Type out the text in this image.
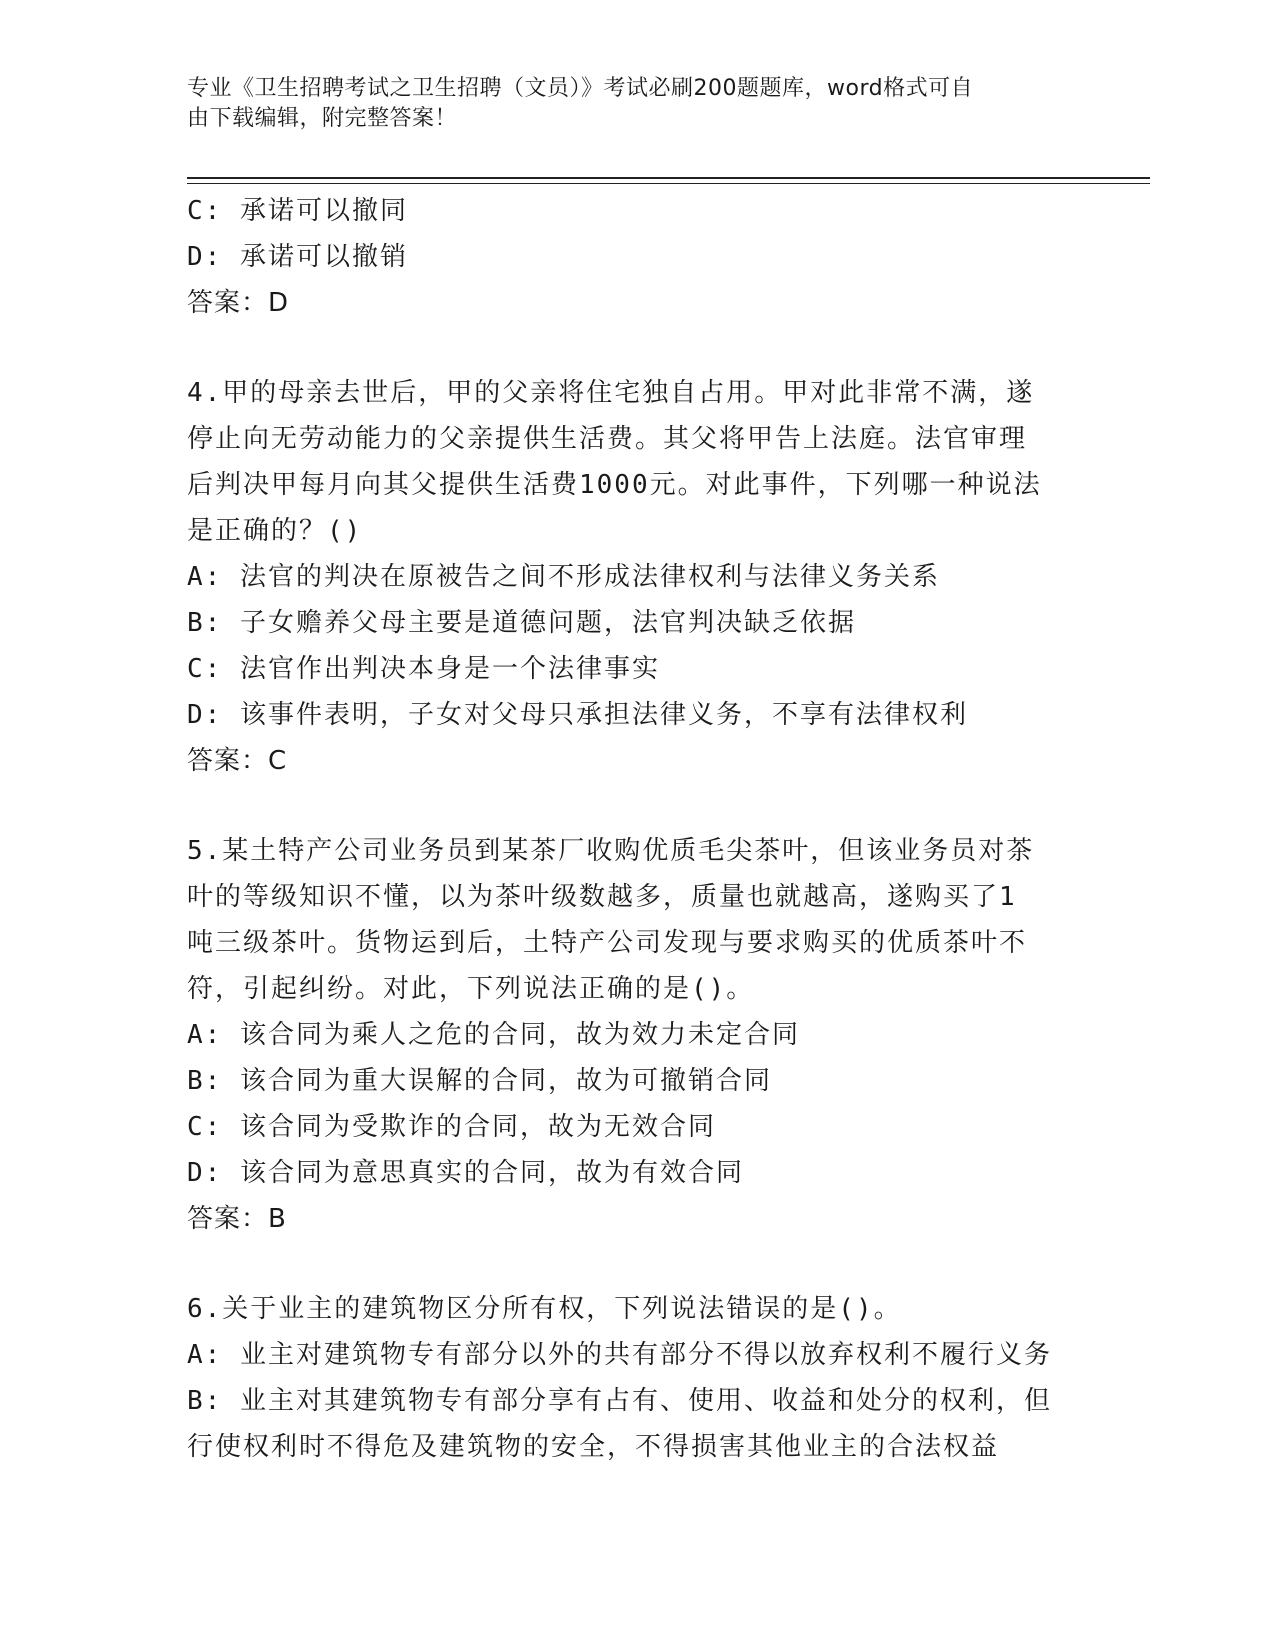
专业《卫生招聘考试之卫生招聘（文员）》考试必刷200题题库，word格式可自
由下载编辑，附完整答案！
C: 承诺可以撤同
D: 承诺可以撤销
答案：D
4.甲的母亲去世后，甲的父亲将住宅独自占用。甲对此非常不满，遂
停止向无劳动能力的父亲提供生活费。其父将甲告上法庭。法官审理
后判决甲每月向其父提供生活费1000元。对此事件，下列哪一种说法
是正确的？()
A: 法官的判决在原被告之间不形成法律权利与法律义务关系
B: 子女赡养父母主要是道德问题，法官判决缺乏依据
C: 法官作出判决本身是一个法律事实
D: 该事件表明，子女对父母只承担法律义务，不享有法律权利
答案：C
5.某土特产公司业务员到某茶厂收购优质毛尖茶叶，但该业务员对茶
叶的等级知识不懂，以为茶叶级数越多，质量也就越高，遂购买了1
吨三级茶叶。货物运到后，土特产公司发现与要求购买的优质茶叶不
符，引起纠纷。对此，下列说法正确的是()。
A: 该合同为乘人之危的合同，故为效力未定合同
B: 该合同为重大误解的合同，故为可撤销合同
C: 该合同为受欺诈的合同，故为无效合同
D: 该合同为意思真实的合同，故为有效合同
答案：B
6.关于业主的建筑物区分所有权，下列说法错误的是()。
A: 业主对建筑物专有部分以外的共有部分不得以放弃权利不履行义务
B: 业主对其建筑物专有部分享有占有、使用、收益和处分的权利，但
行使权利时不得危及建筑物的安全，不得损害其他业主的合法权益
